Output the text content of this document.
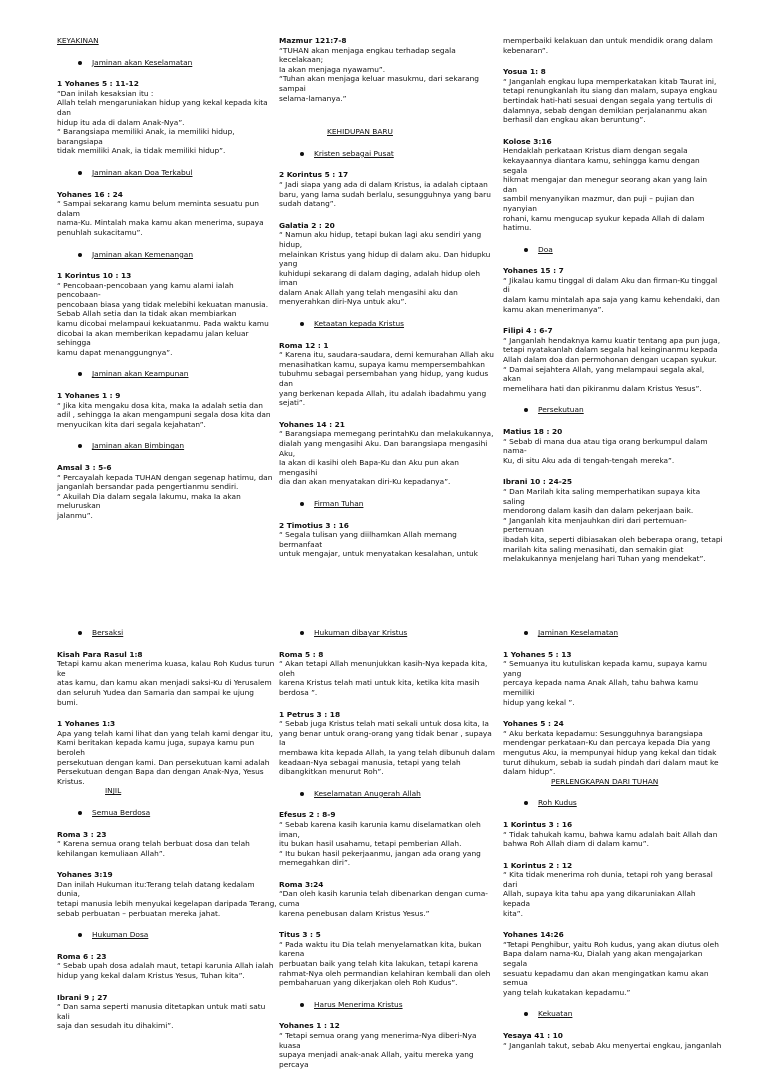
KEYAKINAN
Jaminan akan Keselamatan
1 Yohanes 5 : 11-12
“Dan inilah kesaksian itu :
Allah telah mengaruniakan hidup yang kekal kepada kita dan
hidup itu ada di dalam Anak-Nya”.
“ Barangsiapa memiliki Anak, ia memiliki hidup, barangsiapa
tidak memiliki Anak, ia tidak memiliki hidup”.
Jaminan akan Doa Terkabul
Yohanes 16 : 24
“ Sampai sekarang kamu belum meminta sesuatu pun dalam
nama-Ku. Mintalah maka kamu akan menerima, supaya
penuhlah sukacitamu”.
Jaminan akan Kemenangan
1 Korintus 10 : 13
“ Pencobaan-pencobaan yang kamu alami ialah pencobaan-
pencobaan biasa yang tidak melebihi kekuatan manusia.
Sebab Allah setia dan Ia tidak akan membiarkan
kamu dicobai melampaui kekuatanmu. Pada waktu kamu
dicobai Ia akan memberikan kepadamu jalan keluar sehingga
kamu dapat menanggungnya”.
Jaminan akan Keampunan
1 Yohanes 1 : 9
“ Jika kita mengaku dosa kita, maka Ia adalah setia dan
adil , sehingga Ia akan mengampuni segala dosa kita dan
menyucikan kita dari segala kejahatan”.
Jaminan akan Bimbingan
Amsal 3 : 5-6
“ Percayalah kepada TUHAN dengan segenap hatimu, dan
janganlah bersandar pada pengertianmu sendiri.
“ Akuilah Dia dalam segala lakumu, maka Ia akan meluruskan
jalanmu”.
Mazmur 121:7-8
“TUHAN akan menjaga engkau terhadap segala kecelakaan;
Ia akan menjaga nyawamu”.
“Tuhan akan menjaga keluar masukmu, dari sekarang sampai
selama-lamanya.”
KEHIDUPAN BARU
Kristen sebagai Pusat
2 Korintus 5 : 17
“ Jadi siapa yang ada di dalam Kristus, ia adalah ciptaan
baru, yang lama sudah berlalu, sesungguhnya yang baru
sudah datang”.
Galatia 2 : 20
“ Namun aku hidup, tetapi bukan lagi aku sendiri yang hidup,
melainkan Kristus yang hidup di dalam aku. Dan hidupku yang
kuhidupi sekarang di dalam daging, adalah hidup oleh iman
dalam Anak Allah yang telah mengasihi aku dan
menyerahkan diri-Nya untuk aku”.
Ketaatan kepada Kristus
Roma 12 : 1
“ Karena itu, saudara-saudara, demi kemurahan Allah aku
menasihatkan kamu, supaya kamu mempersembahkan
tubuhmu sebagai persembahan yang hidup, yang kudus dan
yang berkenan kepada Allah, itu adalah ibadahmu yang
sejati”.
Yohanes 14 : 21
“ Barangsiapa memegang perintahKu dan melakukannya,
dialah yang mengasihi Aku. Dan barangsiapa mengasihi Aku,
Ia akan di kasihi oleh Bapa-Ku dan Aku pun akan mengasihi
dia dan akan menyatakan diri-Ku kepadanya”.
Firman Tuhan
2 Timotius 3 : 16
“ Segala tulisan yang diilhamkan Allah memang bermanfaat
untuk mengajar, untuk menyatakan kesalahan, untuk
memperbaiki kelakuan dan untuk mendidik orang dalam
kebenaran”.
Yosua 1: 8
“ Janganlah engkau lupa memperkatakan kitab Taurat ini,
tetapi renungkanlah itu siang dan malam, supaya engkau
bertindak hati-hati sesuai dengan segala yang tertulis di
dalamnya, sebab dengan demikian perjalananmu akan
berhasil dan engkau akan beruntung”.
Kolose 3:16
Hendaklah perkataan Kristus diam dengan segala
kekayaannya diantara kamu, sehingga kamu dengan segala
hikmat mengajar dan menegur seorang akan yang lain dan
sambil menyanyikan mazmur, dan puji – pujian dan nyanyian
rohani, kamu mengucap syukur kepada Allah di dalam
hatimu.
Doa
Yohanes 15 : 7
“ Jikalau kamu tinggal di dalam Aku dan firman-Ku tinggal di
dalam kamu mintalah apa saja yang kamu kehendaki, dan
kamu akan menerimanya”.
Filipi 4 : 6-7
“ Janganlah hendaknya kamu kuatir tentang apa pun juga,
tetapi nyatakanlah dalam segala hal keinginanmu kepada
Allah dalam doa dan permohonan dengan ucapan syukur.
“ Damai sejahtera Allah, yang melampaui segala akal, akan
memelihara hati dan pikiranmu dalam Kristus Yesus”.
Persekutuan
Matius 18 : 20
“ Sebab di mana dua atau tiga orang berkumpul dalam nama-
Ku, di situ Aku ada di tengah-tengah mereka”.
Ibrani 10 : 24-25
“ Dan Marilah kita saling memperhatikan supaya kita saling
mendorong dalam kasih dan dalam pekerjaan baik.
“ Janganlah kita menjauhkan diri dari pertemuan-pertemuan
ibadah kita, seperti dibiasakan oleh beberapa orang, tetapi
marilah kita saling menasihati, dan semakin giat
melakukannya menjelang hari Tuhan yang mendekat”.
Bersaksi
Kisah Para Rasul 1:8
Tetapi kamu akan menerima kuasa, kalau Roh Kudus turun ke
atas kamu, dan kamu akan menjadi saksi-Ku di Yerusalem
dan seluruh Yudea dan Samaria dan sampai ke ujung bumi.
1 Yohanes 1:3
Apa yang telah kami lihat dan yang telah kami dengar itu,
Kami beritakan kepada kamu juga, supaya kamu pun beroleh
persekutuan dengan kami. Dan persekutuan kami adalah
Persekutuan dengan Bapa dan dengan Anak-Nya, Yesus
Kristus.
INJIL
Semua Berdosa
Roma 3 : 23
“ Karena semua orang telah berbuat dosa dan telah
kehilangan kemuliaan Allah”.
Yohanes 3:19
Dan inilah Hukuman itu:Terang telah datang kedalam dunia,
tetapi manusia lebih menyukai kegelapan daripada Terang,
sebab perbuatan – perbuatan mereka jahat.
Hukuman Dosa
Roma 6 : 23
“ Sebab upah dosa adalah maut, tetapi karunia Allah ialah
hidup yang kekal dalam Kristus Yesus, Tuhan kita”.
Ibrani 9 ; 27
“ Dan sama seperti manusia ditetapkan untuk mati satu kali
saja dan sesudah itu dihakimi”.
Hukuman dibayar Kristus
Roma 5 : 8
“ Akan tetapi Allah menunjukkan kasih-Nya kepada kita, oleh
karena Kristus telah mati untuk kita, ketika kita masih
berdosa ”.
1 Petrus 3 : 18
“ Sebab juga Kristus telah mati sekali untuk dosa kita, Ia
yang benar untuk orang-orang yang tidak benar , supaya Ia
membawa kita kepada Allah, Ia yang telah dibunuh dalam
keadaan-Nya sebagai manusia, tetapi yang telah
dibangkitkan menurut Roh”.
Keselamatan Anugerah Allah
Efesus 2 : 8-9
“ Sebab karena kasih karunia kamu diselamatkan oleh iman,
itu bukan hasil usahamu, tetapi pemberian Allah.
“ Itu bukan hasil pekerjaanmu, jangan ada orang yang
memegahkan diri”.
Roma 3:24
“Dan oleh kasih karunia telah dibenarkan dengan cuma-cuma
karena penebusan dalam Kristus Yesus.”
Titus 3 : 5
“ Pada waktu itu Dia telah menyelamatkan kita, bukan karena
perbuatan baik yang telah kita lakukan, tetapi karena
rahmat-Nya oleh permandian kelahiran kembali dan oleh
pembaharuan yang dikerjakan oleh Roh Kudus”.
Harus Menerima Kristus
Yohanes 1 : 12
“ Tetapi semua orang yang menerima-Nya diberi-Nya kuasa
supaya menjadi anak-anak Allah, yaitu mereka yang percaya
Jaminan Keselamatan
1 Yohanes 5 : 13
“ Semuanya itu kutuliskan kepada kamu, supaya kamu yang
percaya kepada nama Anak Allah, tahu bahwa kamu memiliki
hidup yang kekal ”.
Yohanes 5 : 24
“ Aku berkata kepadamu: Sesungguhnya barangsiapa
mendengar perkataan-Ku dan percaya kepada Dia yang
mengutus Aku, ia mempunyai hidup yang kekal dan tidak
turut dihukum, sebab ia sudah pindah dari dalam maut ke
dalam hidup”.
PERLENGKAPAN DARI TUHAN
Roh Kudus
1 Korintus 3 : 16
“ Tidak tahukah kamu, bahwa kamu adalah bait Allah dan
bahwa Roh Allah diam di dalam kamu”.
1 Korintus 2 : 12
“ Kita tidak menerima roh dunia, tetapi roh yang berasal dari
Allah, supaya kita tahu apa yang dikaruniakan Allah kepada
kita”.
Yohanes 14:26
“Tetapi Penghibur, yaitu Roh kudus, yang akan diutus oleh
Bapa dalam nama-Ku, Dialah yang akan mengajarkan segala
sesuatu kepadamu dan akan mengingatkan kamu akan semua
yang telah kukatakan kepadamu.”
Kekuatan
Yesaya 41 : 10
“ Janganlah takut, sebab Aku menyertai engkau, janganlah
